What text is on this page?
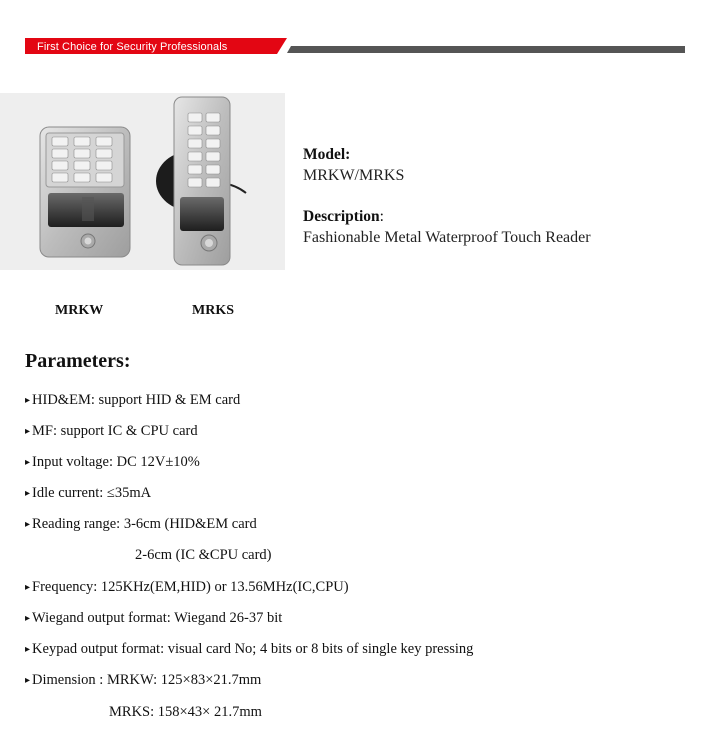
First Choice for Security Professionals
MRKW	MRKS
Model:
MRKW/MRKS
Description:
Fashionable Metal Waterproof Touch Reader
Parameters:
▸ HID&EM: support HID & EM card
▸ MF: support IC & CPU card
▸ Input voltage: DC 12V±10%
▸ Idle current: ≤35mA
▸ Reading range: 3-6cm (HID&EM card
2-6cm (IC &CPU card)
▸ Frequency: 125KHz(EM,HID) or 13.56MHz(IC,CPU)
▸ Wiegand output format: Wiegand 26-37 bit
▸ Keypad output format: visual card No; 4 bits or 8 bits of single key pressing
▸ Dimension : MRKW: 125×83×21.7mm
MRKS: 158×43× 21.7mm
